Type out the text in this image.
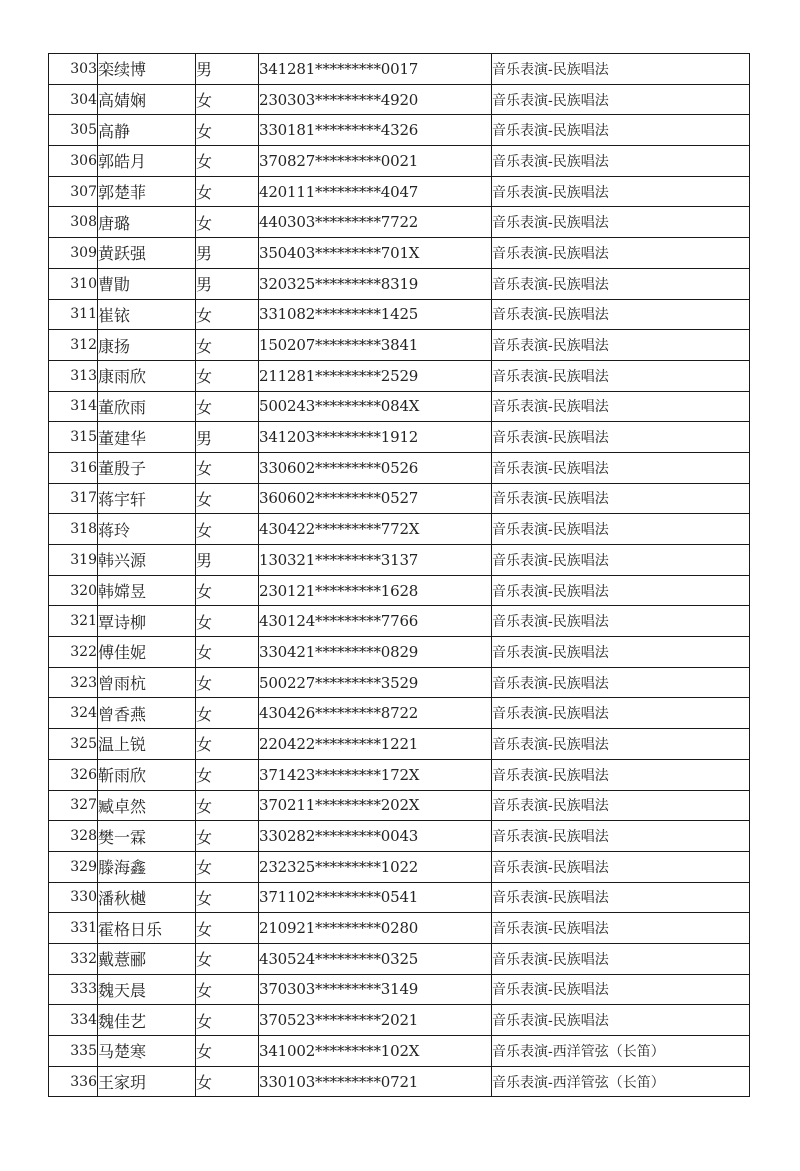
303	栾续博	男	341281*********0017	音乐表演-民族唱法
304	高婧娴	女	230303*********4920	音乐表演-民族唱法
305	高静	女	330181*********4326	音乐表演-民族唱法
306	郭皓月	女	370827*********0021	音乐表演-民族唱法
307	郭楚菲	女	420111*********4047	音乐表演-民族唱法
308	唐璐	女	440303*********7722	音乐表演-民族唱法
309	黄跃强	男	350403*********701X	音乐表演-民族唱法
310	曹勖	男	320325*********8319	音乐表演-民族唱法
311	崔铱	女	331082*********1425	音乐表演-民族唱法
312	康扬	女	150207*********3841	音乐表演-民族唱法
313	康雨欣	女	211281*********2529	音乐表演-民族唱法
314	董欣雨	女	500243*********084X	音乐表演-民族唱法
315	董建华	男	341203*********1912	音乐表演-民族唱法
316	董殷子	女	330602*********0526	音乐表演-民族唱法
317	蒋宇轩	女	360602*********0527	音乐表演-民族唱法
318	蒋玲	女	430422*********772X	音乐表演-民族唱法
319	韩兴源	男	130321*********3137	音乐表演-民族唱法
320	韩嫦昱	女	230121*********1628	音乐表演-民族唱法
321	覃诗柳	女	430124*********7766	音乐表演-民族唱法
322	傅佳妮	女	330421*********0829	音乐表演-民族唱法
323	曾雨杭	女	500227*********3529	音乐表演-民族唱法
324	曾香燕	女	430426*********8722	音乐表演-民族唱法
325	温上锐	女	220422*********1221	音乐表演-民族唱法
326	靳雨欣	女	371423*********172X	音乐表演-民族唱法
327	臧卓然	女	370211*********202X	音乐表演-民族唱法
328	樊一霖	女	330282*********0043	音乐表演-民族唱法
329	滕海鑫	女	232325*********1022	音乐表演-民族唱法
330	潘秋樾	女	371102*********0541	音乐表演-民族唱法
331	霍格日乐	女	210921*********0280	音乐表演-民族唱法
332	戴薏郦	女	430524*********0325	音乐表演-民族唱法
333	魏天晨	女	370303*********3149	音乐表演-民族唱法
334	魏佳艺	女	370523*********2021	音乐表演-民族唱法
335	马楚寒	女	341002*********102X	音乐表演-西洋管弦（长笛）
336	王家玥	女	330103*********0721	音乐表演-西洋管弦（长笛）
